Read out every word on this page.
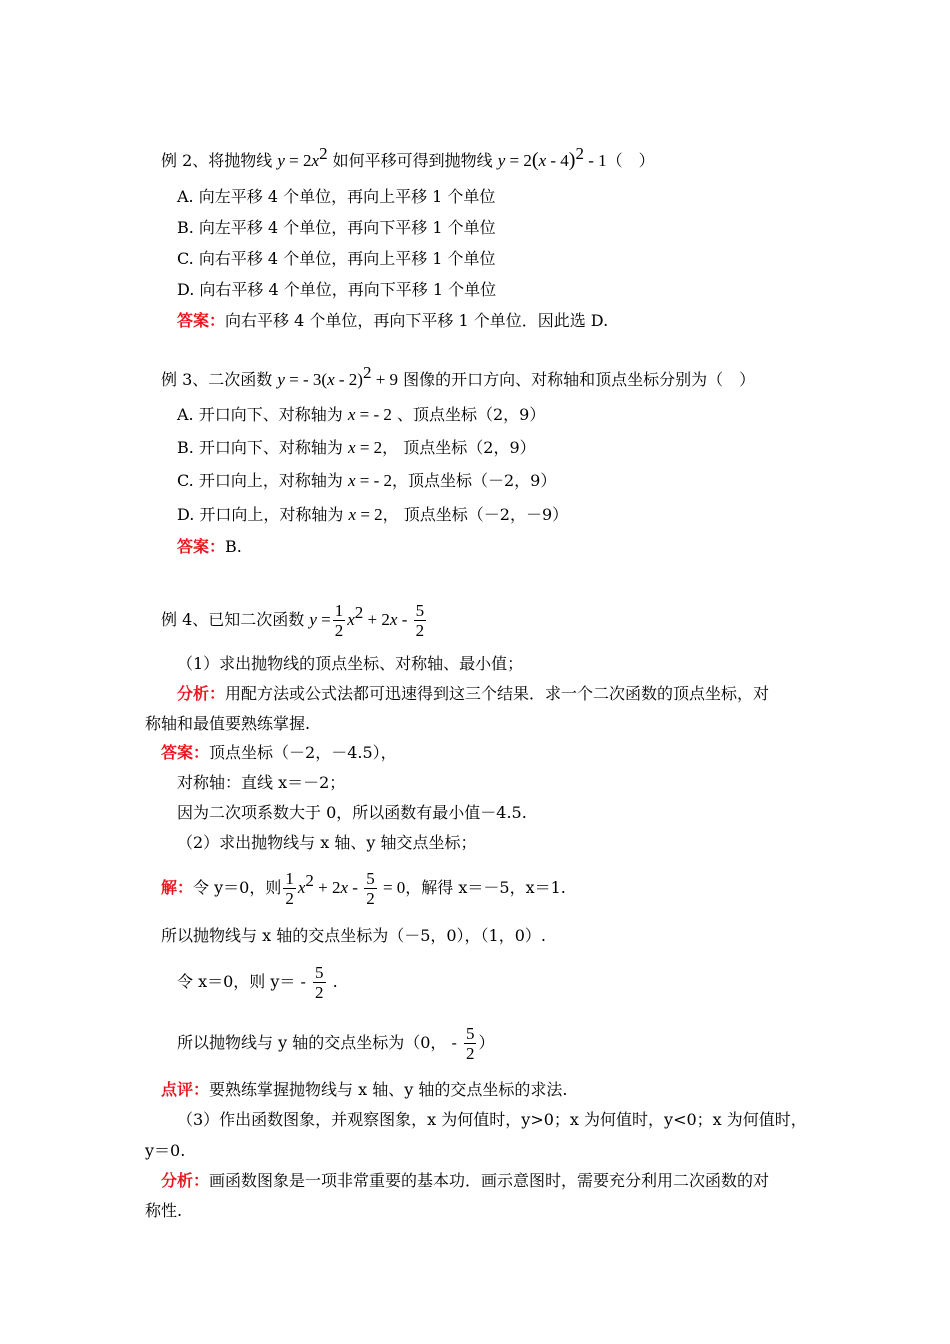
例 2、将抛物线 $y = 2x^2$ 如何平移可得到抛物线 y = 2(x - 4)$^2$ - 1（　）
A. 向左平移 4 个单位，再向上平移 1 个单位
B. 向左平移 4 个单位，再向下平移 1 个单位
C. 向右平移 4 个单位，再向上平移 1 个单位
D. 向右平移 4 个单位，再向下平移 1 个单位
答案：向右平移 4 个单位，再向下平移 1 个单位．因此选 D.
例 3、二次函数 y = - 3(x - 2)$^2$ + 9 图像的开口方向、对称轴和顶点坐标分别为（　）
A. 开口向下、对称轴为 x = - 2 、顶点坐标（2，9）
B. 开口向下、对称轴为 x = 2， 顶点坐标（2，9）
C. 开口向上，对称轴为 x = - 2，顶点坐标（－2，9）
D. 开口向上，对称轴为 x = 2， 顶点坐标（－2，－9）
答案：B.
例 4、已知二次函数 $y = \frac{1}{2} x^2 + 2x - \frac{5}{2}$
（1）求出抛物线的顶点坐标、对称轴、最小值；
分析：用配方法或公式法都可迅速得到这三个结果．求一个二次函数的顶点坐标，对
称轴和最值要熟练掌握.
答案：顶点坐标（－2，－4.5），
对称轴：直线 x＝－2；
因为二次项系数大于 0，所以函数有最小值－4.5.
（2）求出抛物线与 x 轴、y 轴交点坐标；
解：令 y＝0，则 $\frac{1}{2} x^2 + 2x - \frac{5}{2} = 0$，解得 x＝－5，x＝1.
所以抛物线与 x 轴的交点坐标为（－5，0），（1，0）.
令 x＝0，则 $y= - \frac{5}{2}$ .
所以抛物线与 y 轴的交点坐标为（0， - $\frac{5}{2}$ ）
点评：要熟练掌握抛物线与 x 轴、y 轴的交点坐标的求法.
（3）作出函数图象，并观察图象，x 为何值时，y>0；x 为何值时，y<0；x 为何值时，
y＝0.
分析：画函数图象是一项非常重要的基本功．画示意图时，需要充分利用二次函数的对
称性.
